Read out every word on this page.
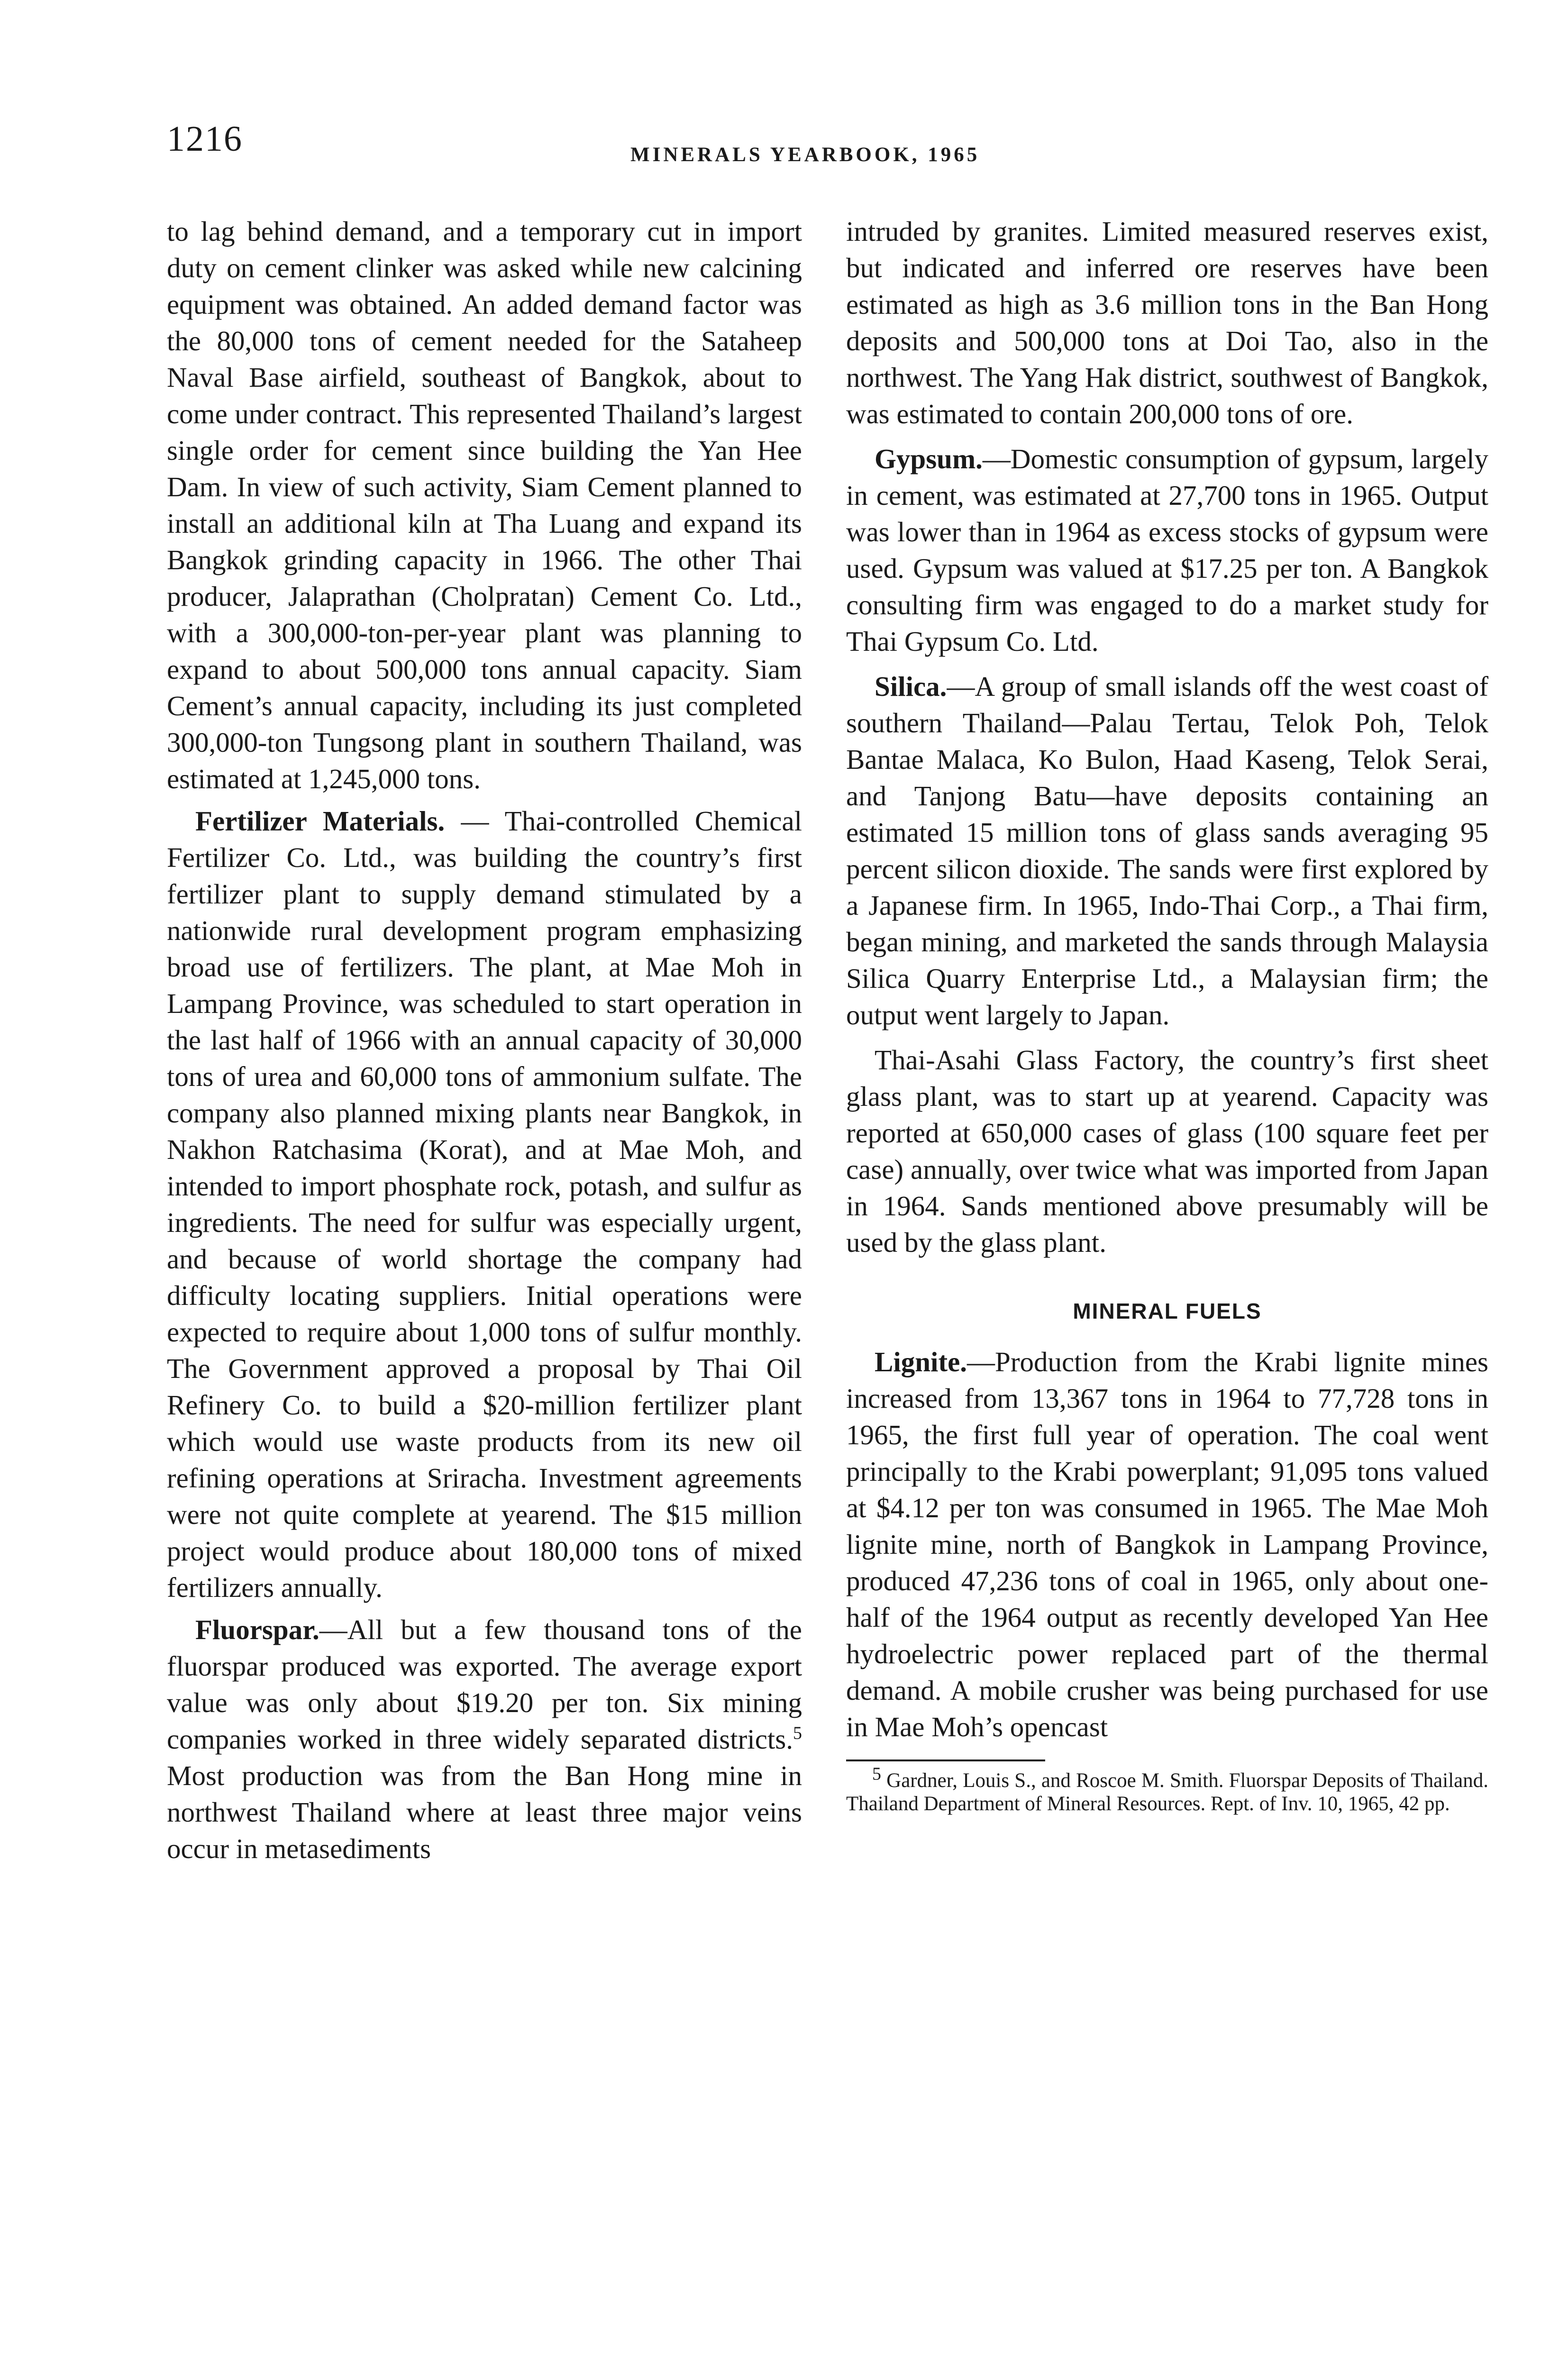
1216	MINERALS YEARBOOK, 1965

to lag behind demand, and a temporary cut in import duty on cement clinker was asked while new calcining equipment was obtained. An added demand factor was the 80,000 tons of cement needed for the Sataheep Naval Base airfield, southeast of Bangkok, about to come under contract. This represented Thailand’s largest single order for cement since building the Yan Hee Dam. In view of such activity, Siam Cement planned to install an additional kiln at Tha Luang and expand its Bangkok grinding capacity in 1966. The other Thai producer, Jalaprathan (Cholpratan) Cement Co. Ltd., with a 300,000-ton-per-year plant was planning to expand to about 500,000 tons annual capacity. Siam Cement’s annual capacity, including its just completed 300,000-ton Tungsong plant in southern Thailand, was estimated at 1,245,000 tons.

Fertilizer Materials. — Thai-controlled Chemical Fertilizer Co. Ltd., was building the country’s first fertilizer plant to supply demand stimulated by a nationwide rural development program emphasizing broad use of fertilizers. The plant, at Mae Moh in Lampang Province, was scheduled to start operation in the last half of 1966 with an annual capacity of 30,000 tons of urea and 60,000 tons of ammonium sulfate. The company also planned mixing plants near Bangkok, in Nakhon Ratchasima (Korat), and at Mae Moh, and intended to import phosphate rock, potash, and sulfur as ingredients. The need for sulfur was especially urgent, and because of world shortage the company had difficulty locating suppliers. Initial operations were expected to require about 1,000 tons of sulfur monthly. The Government approved a proposal by Thai Oil Refinery Co. to build a $20-million fertilizer plant which would use waste products from its new oil refining operations at Sriracha. Investment agreements were not quite complete at yearend. The $15 million project would produce about 180,000 tons of mixed fertilizers annually.

Fluorspar.—All but a few thousand tons of the fluorspar produced was exported. The average export value was only about $19.20 per ton. Six mining companies worked in three widely separated districts.$^5$ Most production was from the Ban Hong mine in northwest Thailand where at least three major veins occur in metasediments

intruded by granites. Limited measured reserves exist, but indicated and inferred ore reserves have been estimated as high as 3.6 million tons in the Ban Hong deposits and 500,000 tons at Doi Tao, also in the northwest. The Yang Hak district, southwest of Bangkok, was estimated to contain 200,000 tons of ore.

Gypsum.—Domestic consumption of gypsum, largely in cement, was estimated at 27,700 tons in 1965. Output was lower than in 1964 as excess stocks of gypsum were used. Gypsum was valued at $17.25 per ton. A Bangkok consulting firm was engaged to do a market study for Thai Gypsum Co. Ltd.

Silica.—A group of small islands off the west coast of southern Thailand—Palau Tertau, Telok Poh, Telok Bantae Malaca, Ko Bulon, Haad Kaseng, Telok Serai, and Tanjong Batu—have deposits containing an estimated 15 million tons of glass sands averaging 95 percent silicon dioxide. The sands were first explored by a Japanese firm. In 1965, Indo-Thai Corp., a Thai firm, began mining, and marketed the sands through Malaysia Silica Quarry Enterprise Ltd., a Malaysian firm; the output went largely to Japan.

Thai-Asahi Glass Factory, the country’s first sheet glass plant, was to start up at yearend. Capacity was reported at 650,000 cases of glass (100 square feet per case) annually, over twice what was imported from Japan in 1964. Sands mentioned above presumably will be used by the glass plant.

MINERAL FUELS

Lignite.—Production from the Krabi lignite mines increased from 13,367 tons in 1964 to 77,728 tons in 1965, the first full year of operation. The coal went principally to the Krabi powerplant; 91,095 tons valued at $4.12 per ton was consumed in 1965. The Mae Moh lignite mine, north of Bangkok in Lampang Province, produced 47,236 tons of coal in 1965, only about one-half of the 1964 output as recently developed Yan Hee hydroelectric power replaced part of the thermal demand. A mobile crusher was being purchased for use in Mae Moh’s opencast

$^5$ Gardner, Louis S., and Roscoe M. Smith. Fluorspar Deposits of Thailand. Thailand Department of Mineral Resources. Rept. of Inv. 10, 1965, 42 pp.
